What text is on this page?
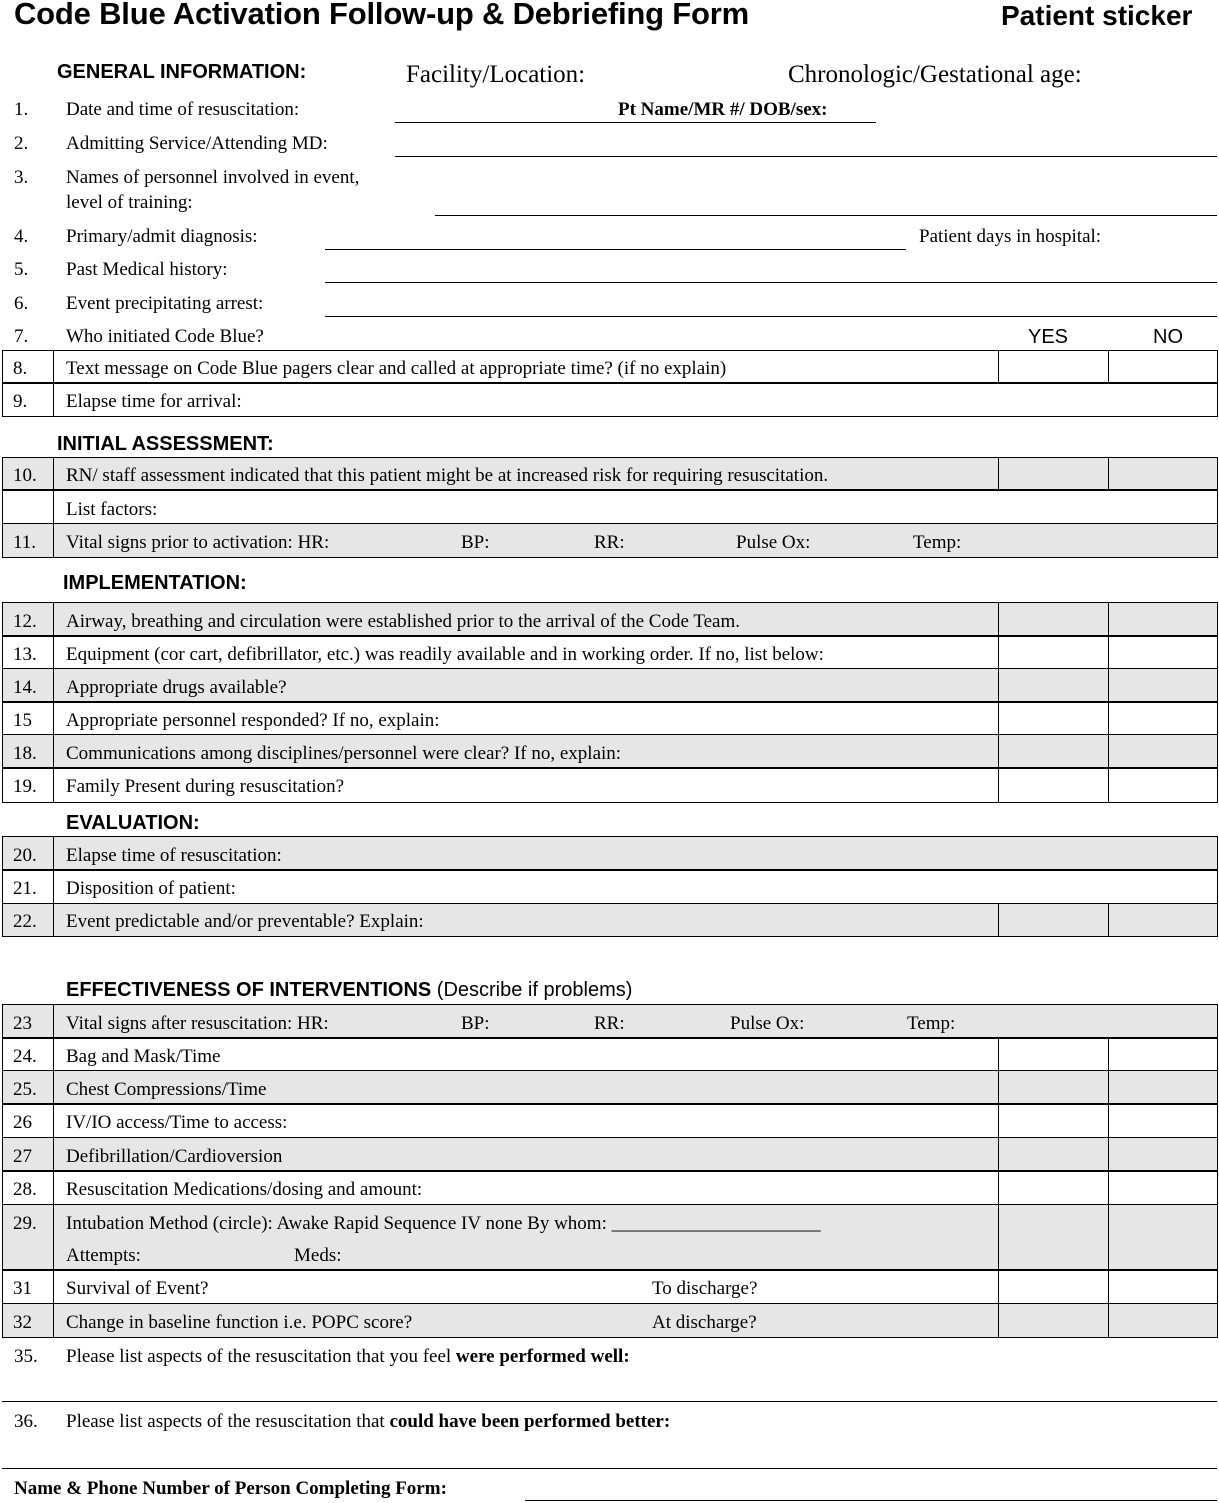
Code Blue Activation Follow-up & Debriefing Form	Patient sticker
GENERAL INFORMATION:	Facility/Location:	Chronologic/Gestational age:
1. Date and time of resuscitation:	Pt Name/MR #/ DOB/sex:
2. Admitting Service/Attending MD:
3. Names of personnel involved in event,
level of training:
4. Primary/admit diagnosis:	Patient days in hospital:
5. Past Medical history:
6. Event precipitating arrest:
7. Who initiated Code Blue?	YES	NO
8. Text message on Code Blue pagers clear and called at appropriate time? (if no explain)
9. Elapse time for arrival:
INITIAL ASSESSMENT:
10. RN/ staff assessment indicated that this patient might be at increased risk for requiring resuscitation.
List factors:
11. Vital signs prior to activation: HR:	BP:	RR:	Pulse Ox:	Temp:
IMPLEMENTATION:
12. Airway, breathing and circulation were established prior to the arrival of the Code Team.
13. Equipment (cor cart, defibrillator, etc.) was readily available and in working order. If no, list below:
14. Appropriate drugs available?
15 Appropriate personnel responded? If no, explain:
18. Communications among disciplines/personnel were clear? If no, explain:
19. Family Present during resuscitation?
EVALUATION:
20. Elapse time of resuscitation:
21. Disposition of patient:
22. Event predictable and/or preventable? Explain:
EFFECTIVENESS OF INTERVENTIONS (Describe if problems)
23 Vital signs after resuscitation: HR:	BP:	RR:	Pulse Ox:	Temp:
24. Bag and Mask/Time
25. Chest Compressions/Time
26 IV/IO access/Time to access:
27 Defibrillation/Cardioversion
28. Resuscitation Medications/dosing and amount:
29. Intubation Method (circle): Awake Rapid Sequence IV none By whom: ______________________
Attempts:	Meds:
31 Survival of Event?	To discharge?
32 Change in baseline function i.e. POPC score?	At discharge?
35. Please list aspects of the resuscitation that you feel were performed well:
36. Please list aspects of the resuscitation that could have been performed better:
Name & Phone Number of Person Completing Form:
